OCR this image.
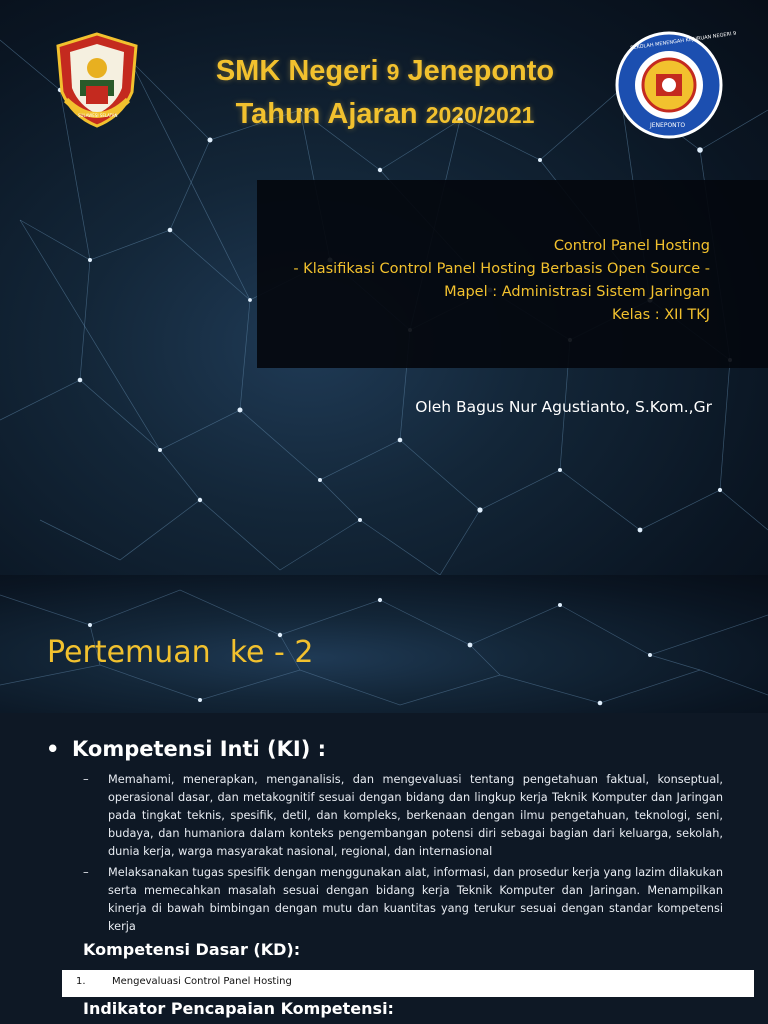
SULAWESI SELATAN
SEKOLAH MENENGAH KEJURUAN NEGERI 9
JENEPONTO
SMK Negeri 9 Jeneponto
Tahun Ajaran 2020/2021
Control Panel Hosting
- Klasifikasi Control Panel Hosting Berbasis Open Source -
Mapel : Administrasi Sistem Jaringan
Kelas : XII TKJ
Oleh Bagus Nur Agustianto, S.Kom.,Gr
Pertemuan  ke - 2
• Kompetensi Inti (KI) :
– Memahami, menerapkan, menganalisis, dan mengevaluasi tentang pengetahuan faktual, konseptual, operasional dasar, dan metakognitif sesuai dengan bidang dan lingkup kerja Teknik Komputer dan Jaringan pada tingkat teknis, spesifik, detil, dan kompleks, berkenaan dengan ilmu pengetahuan, teknologi, seni, budaya, dan humaniora dalam konteks pengembangan potensi diri sebagai bagian dari keluarga, sekolah, dunia kerja, warga masyarakat nasional, regional, dan internasional
– Melaksanakan tugas spesifik dengan menggunakan alat, informasi, dan prosedur kerja yang lazim dilakukan serta memecahkan masalah sesuai dengan bidang kerja Teknik Komputer dan Jaringan. Menampilkan kinerja di bawah bimbingan dengan mutu dan kuantitas yang terukur sesuai dengan standar kompetensi kerja
Kompetensi Dasar (KD):
1.	Mengevaluasi Control Panel Hosting
Indikator Pencapaian Kompetensi:
